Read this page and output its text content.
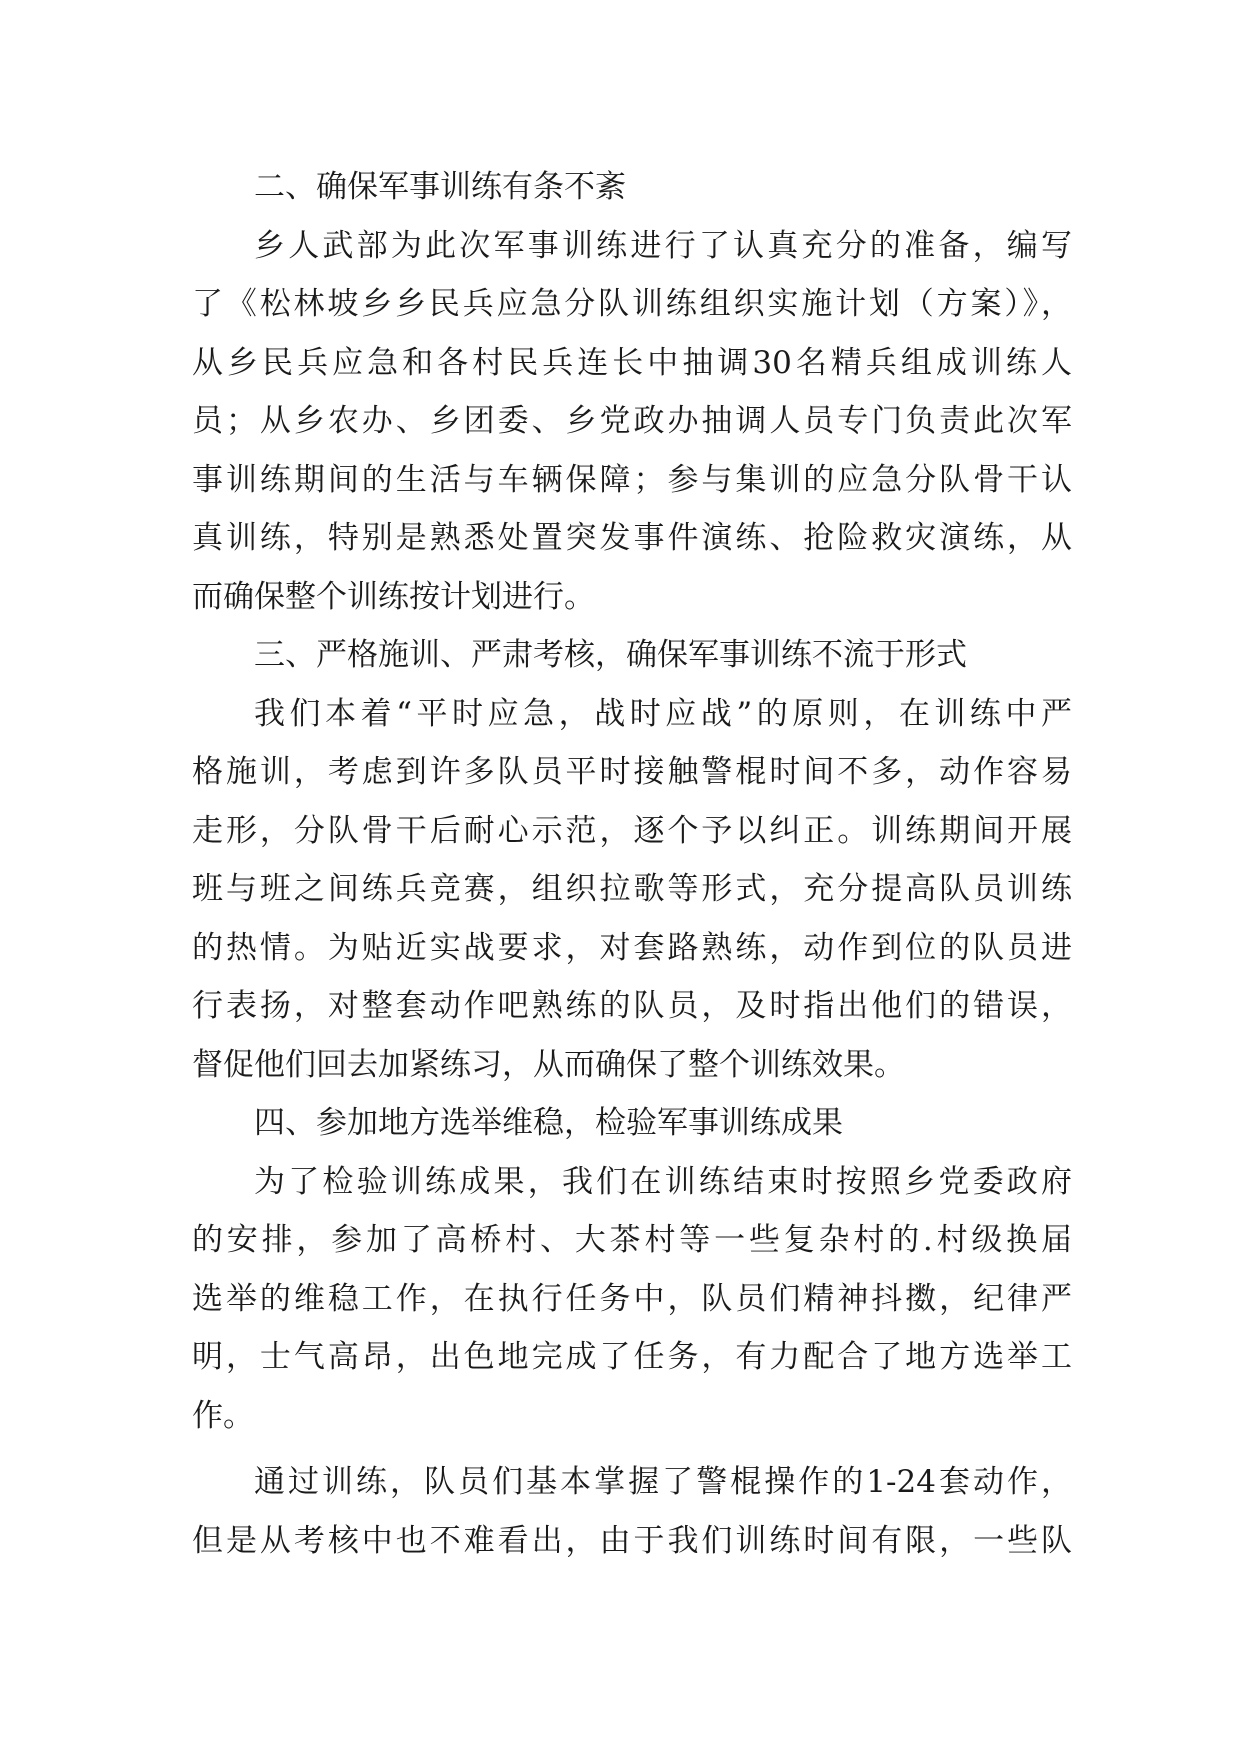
二、确保军事训练有条不紊
乡人武部为此次军事训练进行了认真充分的准备，编写
了《松林坡乡乡民兵应急分队训练组织实施计划（方案）》，
从乡民兵应急和各村民兵连长中抽调30名精兵组成训练人
员；从乡农办、乡团委、乡党政办抽调人员专门负责此次军
事训练期间的生活与车辆保障；参与集训的应急分队骨干认
真训练，特别是熟悉处置突发事件演练、抢险救灾演练，从
而确保整个训练按计划进行。
三、严格施训、严肃考核，确保军事训练不流于形式
我们本着“平时应急，战时应战”的原则，在训练中严
格施训，考虑到许多队员平时接触警棍时间不多，动作容易
走形，分队骨干后耐心示范，逐个予以纠正。训练期间开展
班与班之间练兵竞赛，组织拉歌等形式，充分提高队员训练
的热情。为贴近实战要求，对套路熟练，动作到位的队员进
行表扬，对整套动作吧熟练的队员，及时指出他们的错误，
督促他们回去加紧练习，从而确保了整个训练效果。
四、参加地方选举维稳，检验军事训练成果
为了检验训练成果，我们在训练结束时按照乡党委政府
的安排，参加了高桥村、大茶村等一些复杂村的.村级换届
选举的维稳工作，在执行任务中，队员们精神抖擞，纪律严
明，士气高昂，出色地完成了任务，有力配合了地方选举工
作。
通过训练，队员们基本掌握了警棍操作的1-24套动作，
但是从考核中也不难看出，由于我们训练时间有限，一些队
